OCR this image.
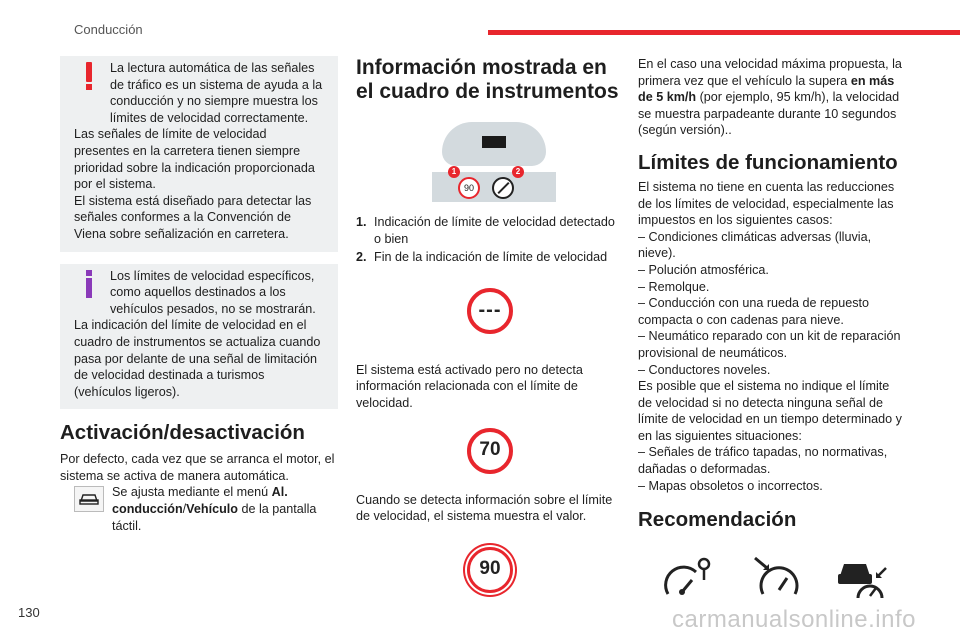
Conducción

La lectura automática de las señales de tráfico es un sistema de ayuda a la conducción y no siempre muestra los límites de velocidad correctamente.

Las señales de límite de velocidad presentes en la carretera tienen siempre prioridad sobre la indicación proporcionada por el sistema.

El sistema está diseñado para detectar las señales conformes a la Convención de Viena sobre señalización en carretera.

Los límites de velocidad específicos, como aquellos destinados a los vehículos pesados, no se mostrarán.

La indicación del límite de velocidad en el cuadro de instrumentos se actualiza cuando pasa por delante de una señal de limitación de velocidad destinada a turismos (vehículos ligeros).

Activación/desactivación

Por defecto, cada vez que se arranca el motor, el sistema se activa de manera automática.

Se ajusta mediante el menú Al. conducción/Vehículo de la pantalla táctil.
Información mostrada en el cuadro de instrumentos
1
90
2
1. Indicación de límite de velocidad detectado o bien
2. Fin de la indicación de límite de velocidad
---

El sistema está activado pero no detecta información relacionada con el límite de velocidad.

70

Cuando se detecta información sobre el límite de velocidad, el sistema muestra el valor.

90

En el caso una velocidad máxima propuesta, la primera vez que el vehículo la supera en más de 5 km/h (por ejemplo, 95 km/h), la velocidad se muestra parpadeante durante 10 segundos (según versión)..

Límites de funcionamiento

El sistema no tiene en cuenta las reducciones de los límites de velocidad, especialmente las impuestos en los siguientes casos:

– Condiciones climáticas adversas (lluvia, nieve).

– Polución atmosférica.

– Remolque.

– Conducción con una rueda de repuesto compacta o con cadenas para nieve.

– Neumático reparado con un kit de reparación provisional de neumáticos.

– Conductores noveles.

Es posible que el sistema no indique el límite de velocidad si no detecta ninguna señal de límite de velocidad en un tiempo determinado y en las siguientes situaciones:

– Señales de tráfico tapadas, no normativas, dañadas o deformadas.

– Mapas obsoletos o incorrectos.

Recomendación
130	carmanualsonline.info
